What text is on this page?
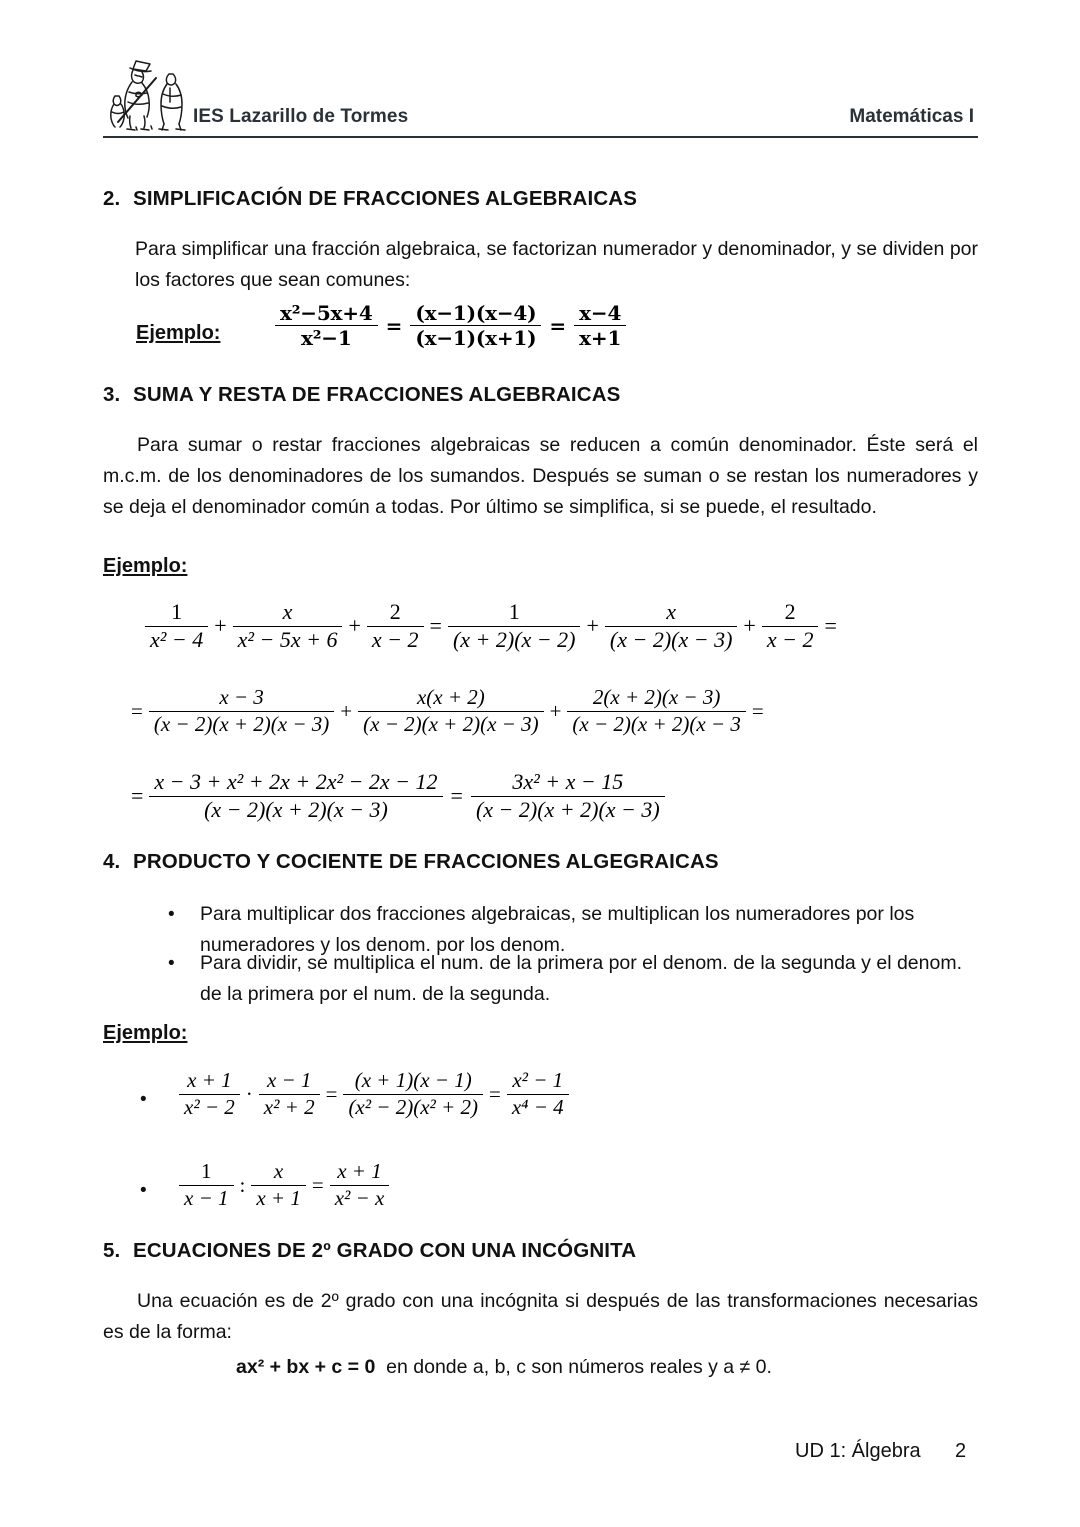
IES Lazarillo de Tormes	Matemáticas I
2. SIMPLIFICACIÓN DE FRACCIONES ALGEBRAICAS
Para simplificar una fracción algebraica, se factorizan numerador y denominador, y se dividen por los factores que sean comunes:
Ejemplo:	$\frac{\text{x²−5x+4}}{\text{x²−1}} = \frac{(x-1)(x-4)}{(x-1)(x+1)} = \frac{x-4}{x+1}$
3. SUMA Y RESTA DE FRACCIONES ALGEBRAICAS
Para sumar o restar fracciones algebraicas se reducen a común denominador. Éste será el m.c.m. de los denominadores de los sumandos. Después se suman o se restan los numeradores y se deja el denominador común a todas. Por último se simplifica, si se puede, el resultado.
Ejemplo:
$\frac{1}{\text{x² − 4}} + \frac{x}{\text{x² − 5x + 6}} + \frac{2}{x - 2} = \frac{1}{(x + 2)(x - 2)} + \frac{x}{(x - 2)(x - 3)} + \frac{2}{x - 2}$ =
= $\frac{x - 3}{(x - 2)(x + 2)(x - 3)} + \frac{x(x + 2)}{(x - 2)(x + 2)(x - 3)} + \frac{2(x + 2)(x - 3)}{(x - 2)(x + 2)(x - 3}$ =
= $\frac{\text{x − 3 + x² + 2x + 2x² − 2x − 12}}{(x - 2)(x + 2)(x - 3)} = \frac{\text{3x² + x − 15}}{(x - 2)(x + 2)(x - 3)}$
4. PRODUCTO Y COCIENTE DE FRACCIONES ALGEGRAICAS
•
Para multiplicar dos fracciones algebraicas, se multiplican los numeradores por los numeradores y los denom. por los denom.
•
Para dividir, se multiplica el num. de la primera por el denom. de la segunda y el denom. de la primera por el num. de la segunda.
Ejemplo:
•
$\frac{x + 1}{\text{x² − 2}} \cdot \frac{x - 1}{\text{x² + 2}} = \frac{(x + 1)(x - 1)}{\text{(x² − 2)(x² + 2)}} = \frac{\text{x² − 1}}{\text{x⁴ − 4}}$
•
$\frac{1}{x - 1}$ : $\frac{x}{x + 1} = \frac{x + 1}{\text{x² − x}}$
5. ECUACIONES DE 2º GRADO CON UNA INCÓGNITA
Una ecuación es de 2º grado con una incógnita si después de las transformaciones necesarias es de la forma:
ax² + bx + c = 0 en donde a, b, c son números reales y a ≠ 0.
UD 1: Álgebra 2
